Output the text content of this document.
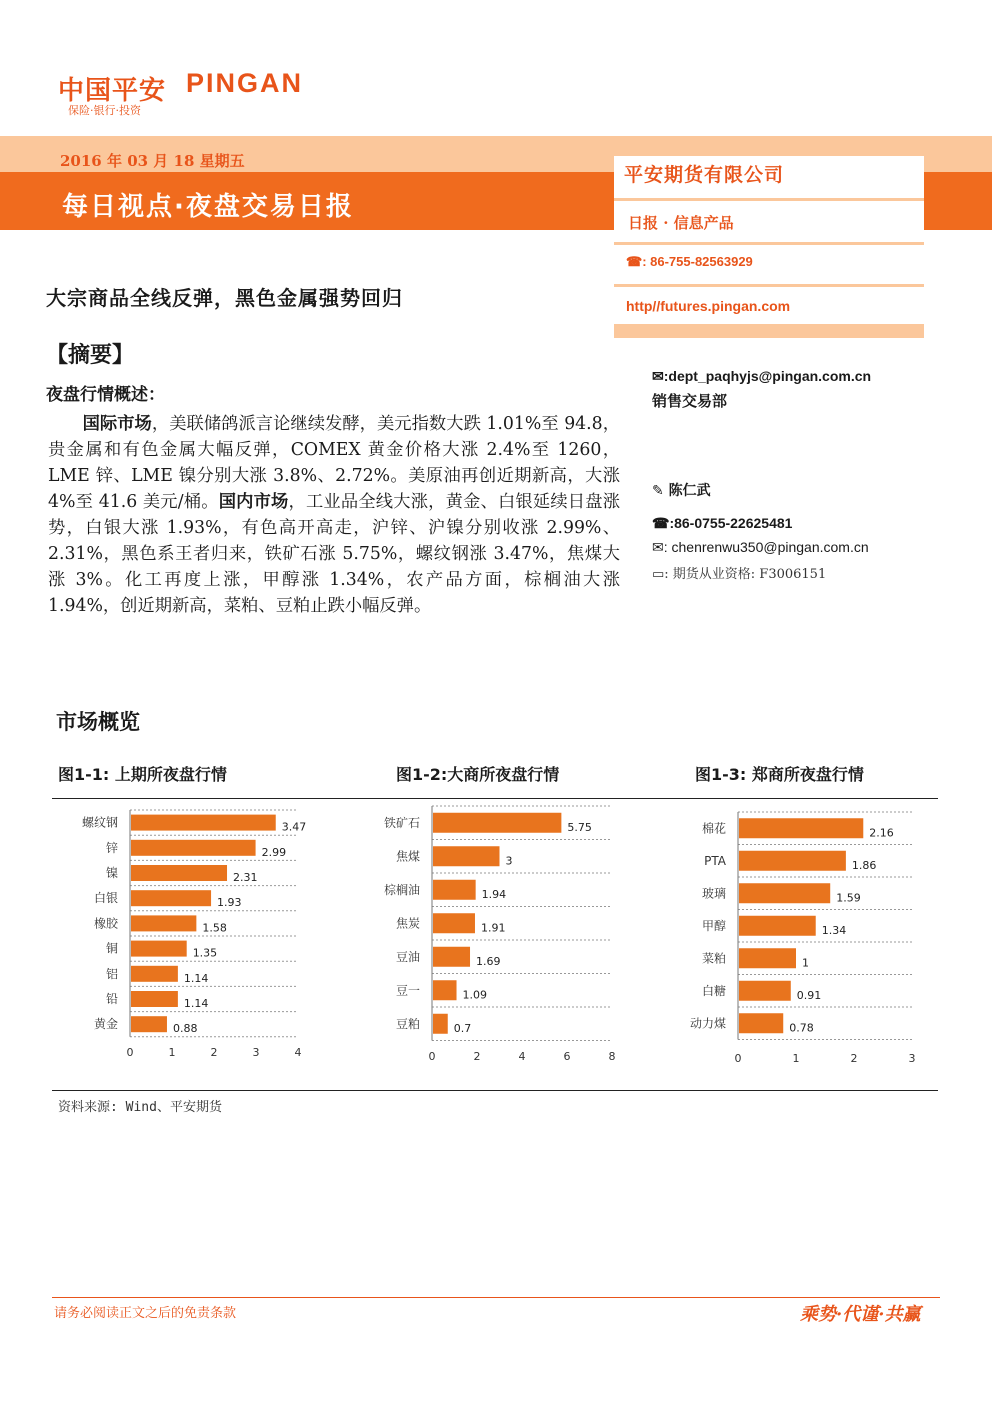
中国平安 PINGAN
保险·银行·投资
2016 年 03 月 18 星期五
每日视点·夜盘交易日报
平安期货有限公司
日报 · 信息产品
☎: 86-755-82563929
http//futures.pingan.com
✉:dept_paqhyjs@pingan.com.cn
销售交易部
✎ 陈仁武
☎:86-0755-22625481
✉: chenrenwu350@pingan.com.cn
▭: 期货从业资格: F3006151
大宗商品全线反弹，黑色金属强势回归
【摘要】
夜盘行情概述：
  国际市场，美联储鸽派言论继续发酵，美元指数大跌 1.01%至 94.8，贵金属和有色金属大幅反弹，COMEX 黄金价格大涨 2.4%至 1260， LME 锌、LME 镍分别大涨 3.8%、2.72%。美原油再创近期新高，大涨 4%至 41.6 美元/桶。国内市场，工业品全线大涨，黄金、白银延续日盘涨势，白银大涨 1.93%，有色高开高走，沪锌、沪镍分别收涨 2.99%、2.31%，黑色系王者归来，铁矿石涨 5.75%，螺纹钢涨 3.47%，焦煤大涨 3%。化工再度上涨，甲醇涨 1.34%，农产品方面，棕榈油大涨 1.94%，创近期新高，菜粕、豆粕止跌小幅反弹。
市场概览
图1-1: 上期所夜盘行情	图1-2:大商所夜盘行情	图1-3: 郑商所夜盘行情
螺纹钢	3.47
锌	2.99
镍	2.31
白银	1.93
橡胶	1.58
铜	1.35
铝	1.14
铅	1.14
黄金	0.88
0	1	2	3	4
铁矿石	5.75
焦煤	3
棕榈油	1.94
焦炭	1.91
豆油	1.69
豆一	1.09
豆粕	0.7
0	2	4	6	8
棉花	2.16
PTA	1.86
玻璃	1.59
甲醇	1.34
菜粕	1
白糖	0.91
动力煤	0.78
0	1	2	3
资料来源: Wind、平安期货
请务必阅读正文之后的免责条款	乘势·代谨·共赢
